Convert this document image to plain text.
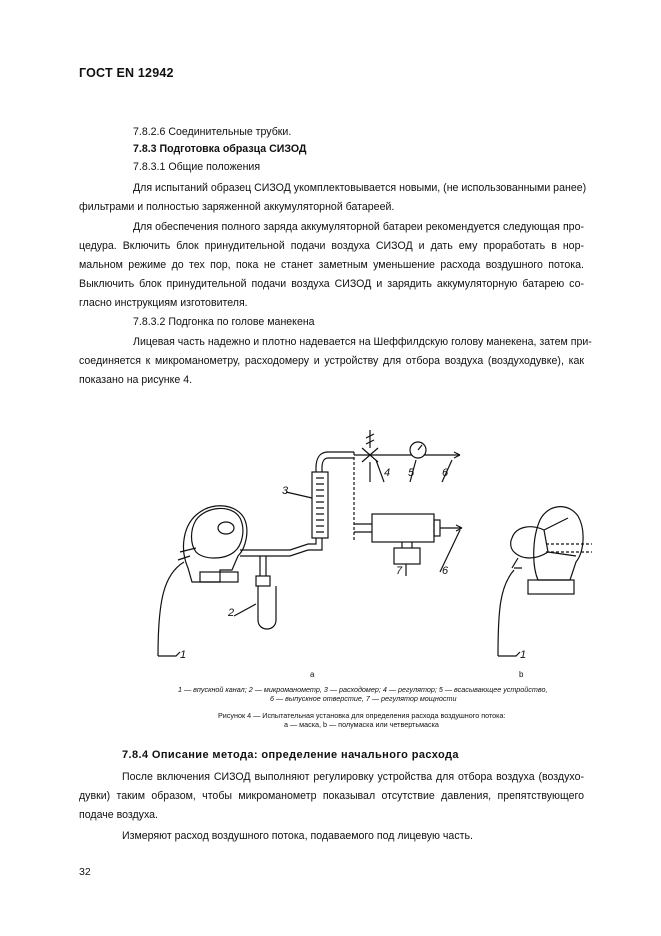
ГОСТ EN 12942
7.8.2.6 Соединительные трубки.
7.8.3 Подготовка образца СИЗОД
7.8.3.1 Общие положения
Для испытаний образец СИЗОД укомплектовывается новыми, (не использованными ранее)
фильтрами и полностью заряженной аккумуляторной батареей.
Для обеспечения полного заряда аккумуляторной батареи рекомендуется следующая про-
цедура. Включить блок принудительной подачи воздуха СИЗОД и дать ему проработать в нор-
мальном режиме до тех пор, пока не станет заметным уменьшение расхода воздушного потока.
Выключить блок принудительной подачи воздуха СИЗОД и зарядить аккумуляторную батарею со-
гласно инструкциям изготовителя.
7.8.3.2 Подгонка по голове манекена
Лицевая часть надежно и плотно надевается на Шеффилдскую голову манекена, затем при-
соединяется к микроманометру, расходомеру и устройству для отбора воздуха (воздуходувке), как
показано на рисунке 4.
1
2
3
4 5	6
7	6
1
a	b
1 — впускной канал; 2 — микроманометр, 3 — расходомер; 4 — регулятор; 5 — всасывающее устройство,
6 — выпускное отверстие, 7 — регулятор мощности
Рисунок 4 — Испытательная установка для определения расхода воздушного потока:
a — маска, b — полумаска или четвертьмаска
7.8.4 Описание метода: определение начального расхода
После включения СИЗОД выполняют регулировку устройства для отбора воздуха (воздухо-
дувки) таким образом, чтобы микроманометр показывал отсутствие давления, препятствующего
подаче воздуха.
Измеряют расход воздушного потока, подаваемого под лицевую часть.
32
